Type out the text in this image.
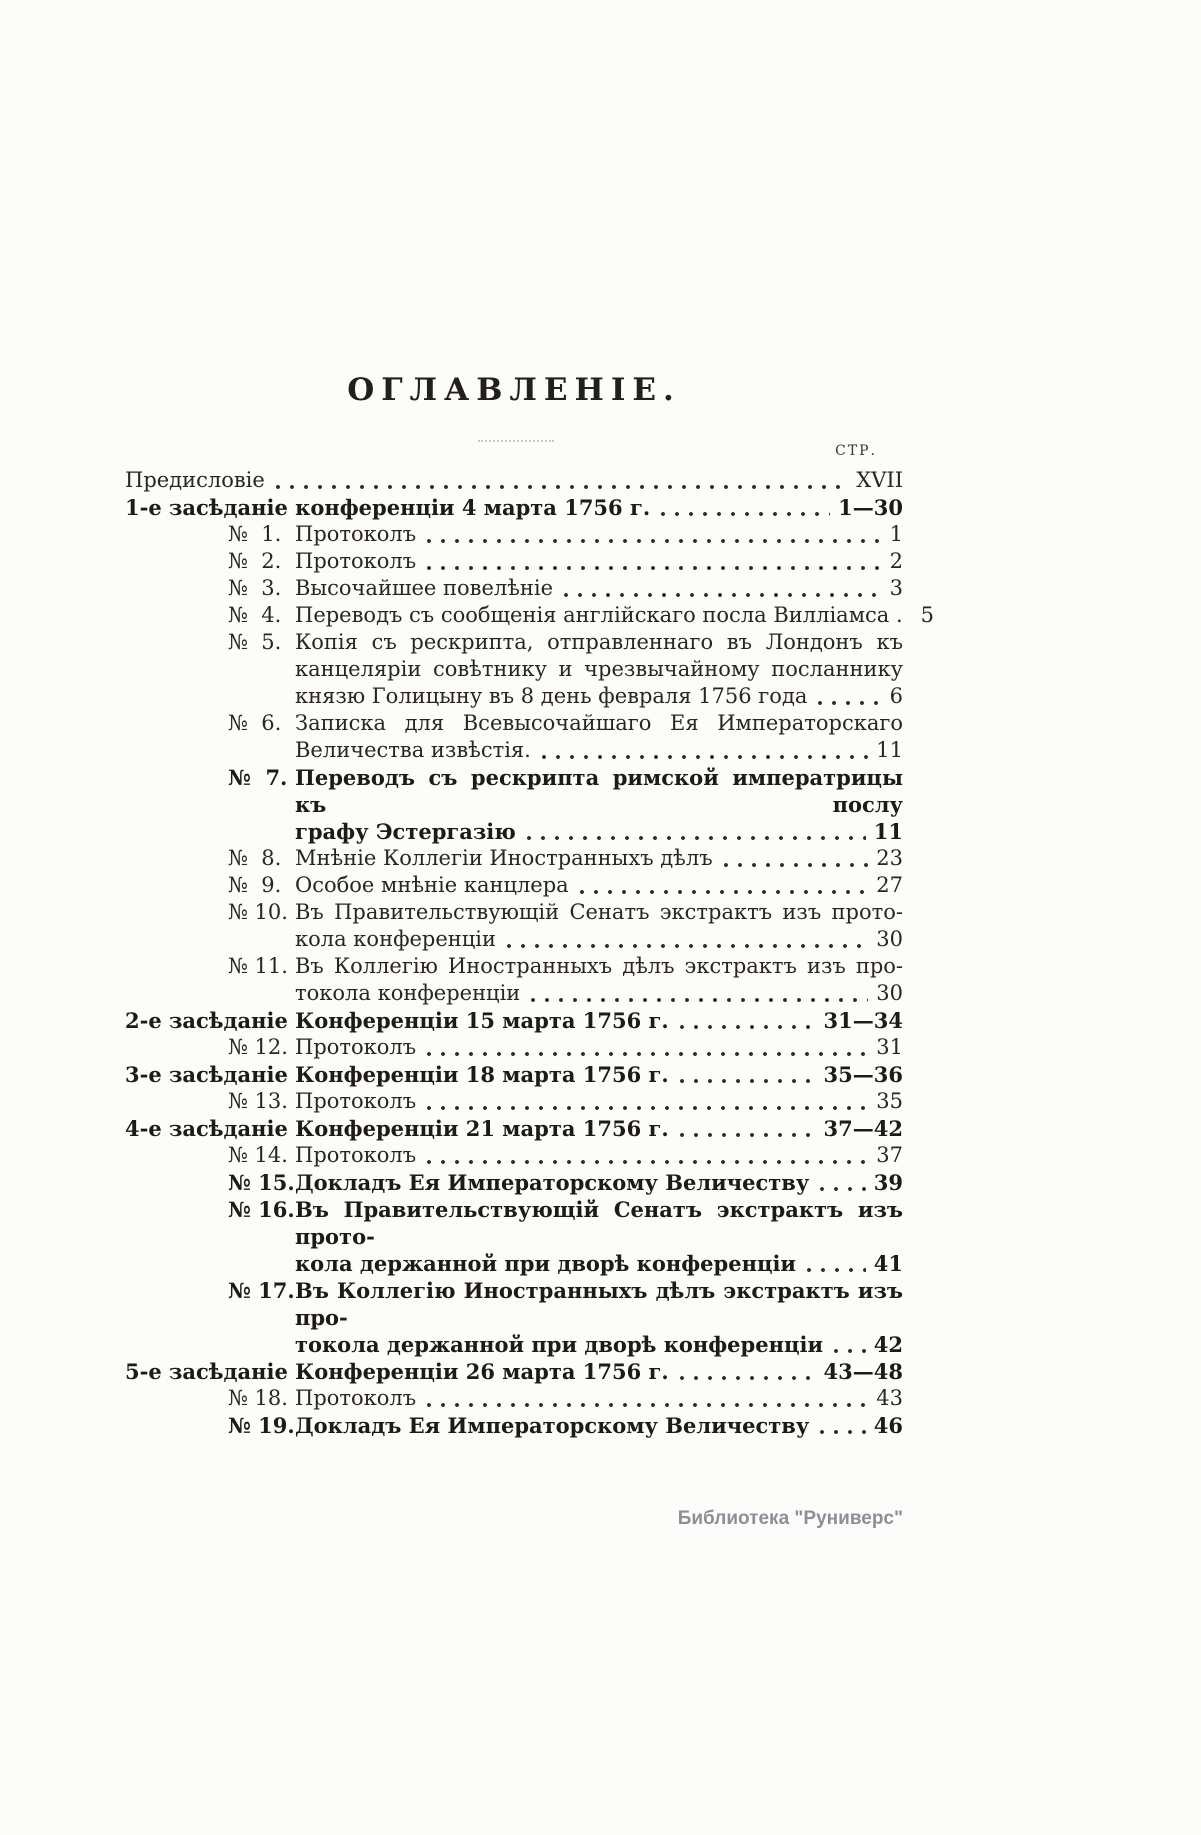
ОГЛАВЛЕНІЕ.
СТР.
Предисловіе	XVII
1-е засѣданіе конференціи 4 марта 1756 г.	1—30
№  1. Протоколъ	1
№  2. Протоколъ	2
№  3. Высочайшее повелѣніе	3
№  4. Переводъ съ сообщенія англійскаго посла Вилліамса . 5
№  5. Копія съ рескрипта, отправленнаго въ Лондонъ къ
канцеляріи совѣтнику и чрезвычайному посланнику
князю Голицыну въ 8 день февраля 1756 года	6
№  6. Записка для Всевысочайшаго Ея Императорскаго
Величества извѣстія.	11
№  7. Переводъ съ рескрипта римской императрицы къ послу
графу Эстергазію	11
№  8. Мнѣніе Коллегіи Иностранныхъ дѣлъ	23
№  9. Особое мнѣніе канцлера	27
№ 10. Въ Правительствующій Сенатъ экстрактъ изъ прото-
кола конференціи	30
№ 11. Въ Коллегію Иностранныхъ дѣлъ экстрактъ изъ про-
токола конференціи	30
2-е засѣданіе Конференціи 15 марта 1756 г.	31—34
№ 12. Протоколъ	31
3-е засѣданіе Конференціи 18 марта 1756 г.	35—36
№ 13. Протоколъ	35
4-е засѣданіе Конференціи 21 марта 1756 г.	37—42
№ 14. Протоколъ	37
№ 15. Докладъ Ея Императорскому Величеству	39
№ 16. Въ Правительствующій Сенатъ экстрактъ изъ прото-
кола держанной при дворѣ конференціи	41
№ 17. Въ Коллегію Иностранныхъ дѣлъ экстрактъ изъ про-
токола держанной при дворѣ конференціи 42
5-е засѣданіе Конференціи 26 марта 1756 г.	43—48
№ 18. Протоколъ	43
№ 19. Докладъ Ея Императорскому Величеству	46
Библиотека "Руниверс"
